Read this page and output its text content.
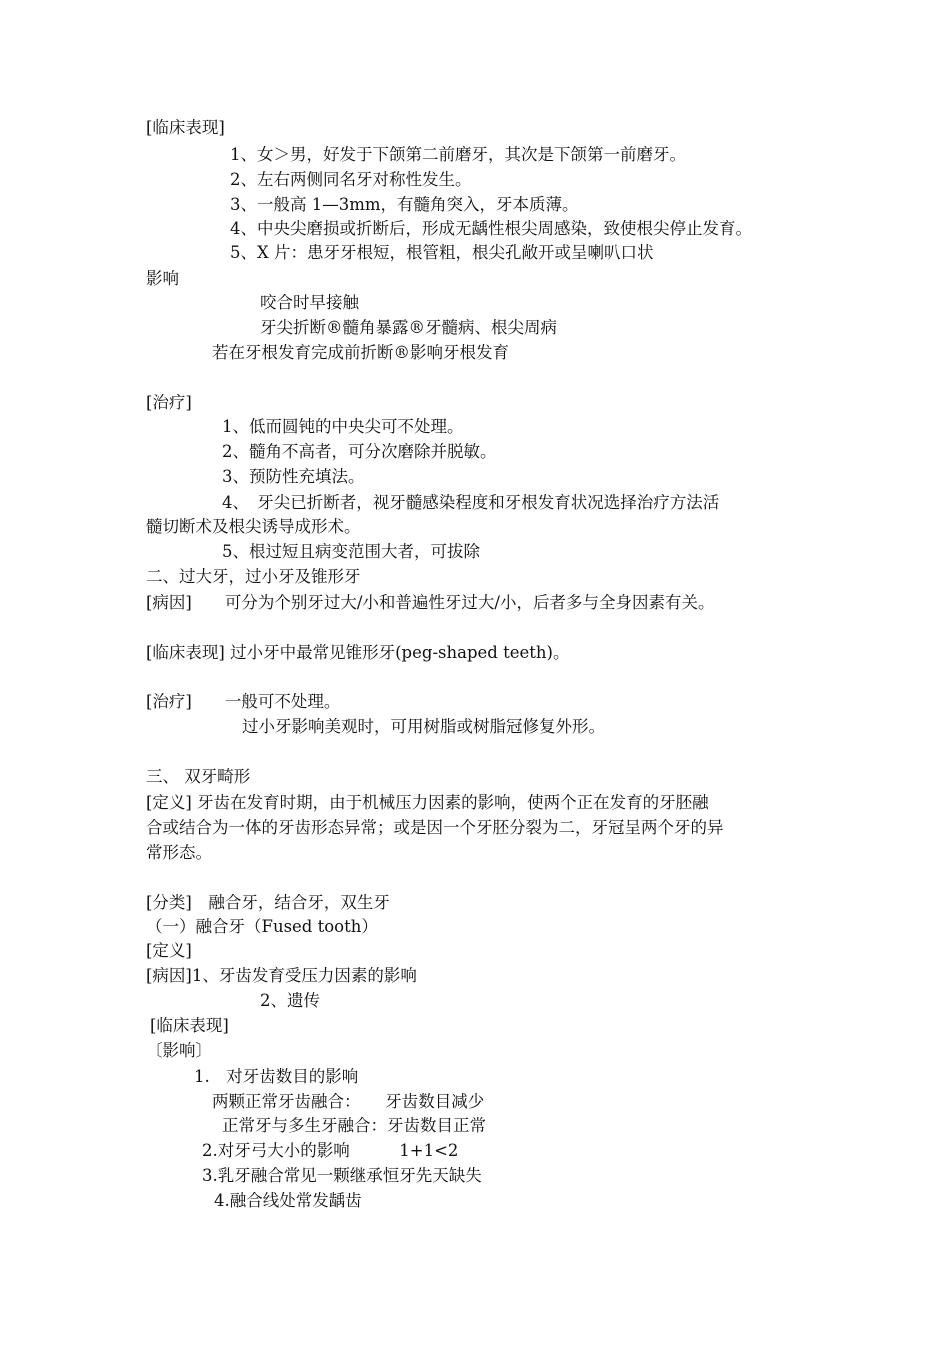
[临床表现]
1、女＞男，好发于下颌第二前磨牙，其次是下颌第一前磨牙。
2、左右两侧同名牙对称性发生。
3、一般高 1—3mm，有髓角突入，牙本质薄。
4、中央尖磨损或折断后，形成无龋性根尖周感染，致使根尖停止发育。
5、X 片：患牙牙根短，根管粗，根尖孔敞开或呈喇叭口状
影响
咬合时早接触
牙尖折断®髓角暴露®牙髓病、根尖周病
若在牙根发育完成前折断®影响牙根发育
[治疗]
1、低而圆钝的中央尖可不处理。
2、髓角不高者，可分次磨除并脱敏。
3、预防性充填法。
4、　牙尖已折断者，视牙髓感染程度和牙根发育状况选择治疗方法活
髓切断术及根尖诱导成形术。
5、根过短且病变范围大者，可拔除
二、过大牙，过小牙及锥形牙
[病因]　　可分为个别牙过大/小和普遍性牙过大/小，后者多与全身因素有关。
[临床表现] 过小牙中最常见锥形牙(peg-shaped teeth)。
[治疗]　　一般可不处理。
过小牙影响美观时，可用树脂或树脂冠修复外形。
三、 双牙畸形
[定义] 牙齿在发育时期，由于机械压力因素的影响，使两个正在发育的牙胚融
合或结合为一体的牙齿形态异常；或是因一个牙胚分裂为二，牙冠呈两个牙的异
常形态。
[分类]　融合牙，结合牙，双生牙
（一）融合牙（Fused tooth）
[定义]
[病因]1、牙齿发育受压力因素的影响
2、遗传
[临床表现]
〔影响〕
1.　对牙齿数目的影响
两颗正常牙齿融合：　　牙齿数目减少
正常牙与多生牙融合：牙齿数目正常
2.对牙弓大小的影响　　　1+1<2
3.乳牙融合常见一颗继承恒牙先天缺失
4.融合线处常发龋齿
